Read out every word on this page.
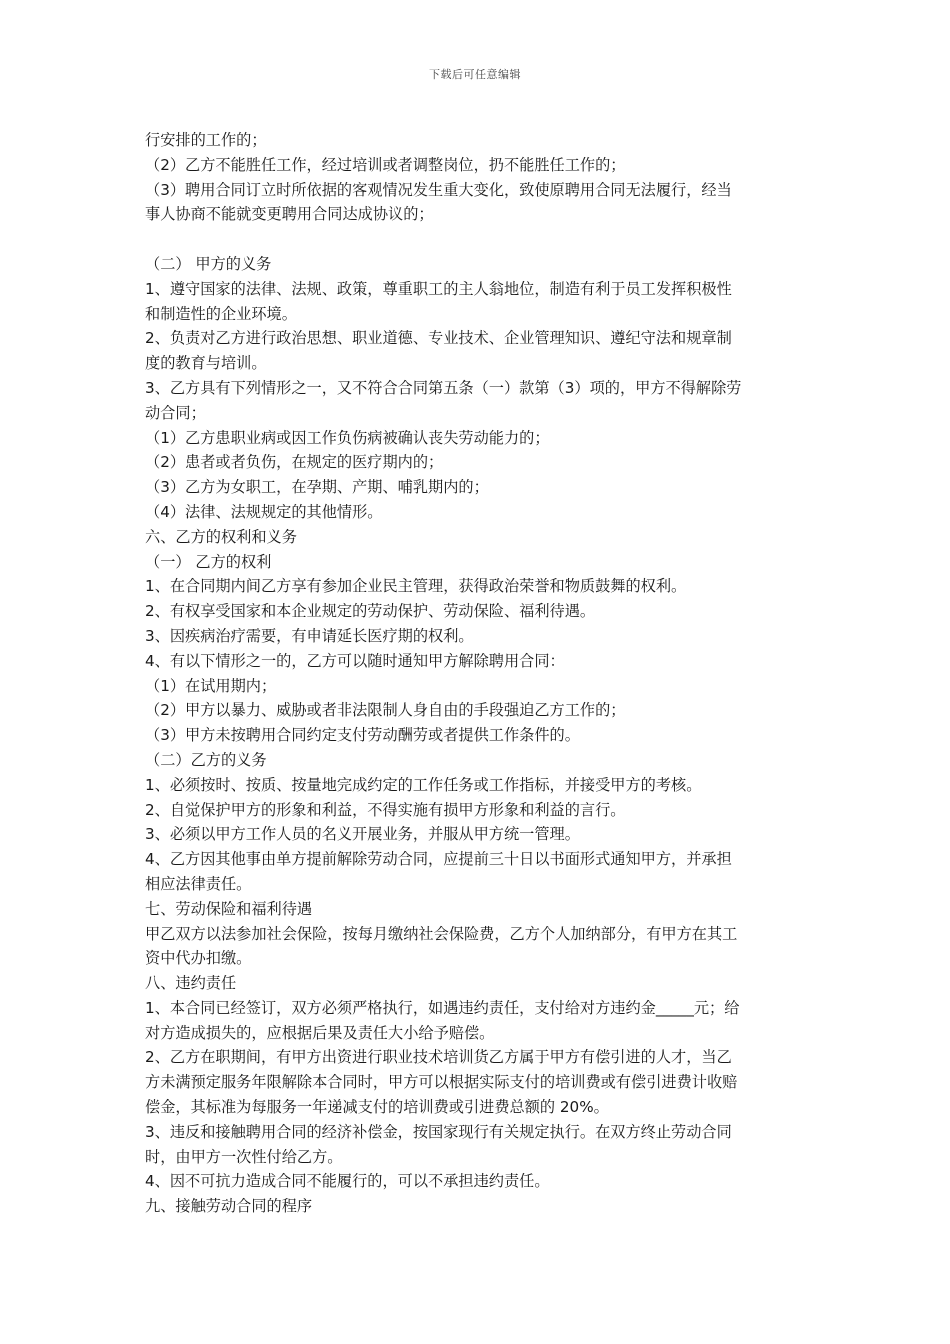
下载后可任意编辑
行安排的工作的；
（2）乙方不能胜任工作，经过培训或者调整岗位，扔不能胜任工作的；
（3）聘用合同订立时所依据的客观情况发生重大变化，致使原聘用合同无法履行，经当
事人协商不能就变更聘用合同达成协议的；
（二） 甲方的义务
1、遵守国家的法律、法规、政策，尊重职工的主人翁地位，制造有利于员工发挥积极性
和制造性的企业环境。
2、负责对乙方进行政治思想、职业道德、专业技术、企业管理知识、遵纪守法和规章制
度的教育与培训。
3、乙方具有下列情形之一，又不符合合同第五条（一）款第（3）项的，甲方不得解除劳
动合同；
（1）乙方患职业病或因工作负伤病被确认丧失劳动能力的；
（2）患者或者负伤，在规定的医疗期内的；
（3）乙方为女职工，在孕期、产期、哺乳期内的；
（4）法律、法规规定的其他情形。
六、乙方的权利和义务
（一） 乙方的权利
1、在合同期内间乙方享有参加企业民主管理，获得政治荣誉和物质鼓舞的权利。
2、有权享受国家和本企业规定的劳动保护、劳动保险、福利待遇。
3、因疾病治疗需要，有申请延长医疗期的权利。
4、有以下情形之一的，乙方可以随时通知甲方解除聘用合同：
（1）在试用期内；
（2）甲方以暴力、威胁或者非法限制人身自由的手段强迫乙方工作的；
（3）甲方未按聘用合同约定支付劳动酬劳或者提供工作条件的。
（二）乙方的义务
1、必须按时、按质、按量地完成约定的工作任务或工作指标，并接受甲方的考核。
2、自觉保护甲方的形象和利益，不得实施有损甲方形象和利益的言行。
3、必须以甲方工作人员的名义开展业务，并服从甲方统一管理。
4、乙方因其他事由单方提前解除劳动合同，应提前三十日以书面形式通知甲方，并承担
相应法律责任。
七、劳动保险和福利待遇
甲乙双方以法参加社会保险，按每月缴纳社会保险费，乙方个人加纳部分，有甲方在其工
资中代办扣缴。
八、违约责任
1、本合同已经签订，双方必须严格执行，如遇违约责任，支付给对方违约金_____元；给
对方造成损失的，应根据后果及责任大小给予赔偿。
2、乙方在职期间，有甲方出资进行职业技术培训货乙方属于甲方有偿引进的人才，当乙
方未满预定服务年限解除本合同时，甲方可以根据实际支付的培训费或有偿引进费计收赔
偿金，其标准为每服务一年递减支付的培训费或引进费总额的 20%。
3、违反和接触聘用合同的经济补偿金，按国家现行有关规定执行。在双方终止劳动合同
时，由甲方一次性付给乙方。
4、因不可抗力造成合同不能履行的，可以不承担违约责任。
九、接触劳动合同的程序
